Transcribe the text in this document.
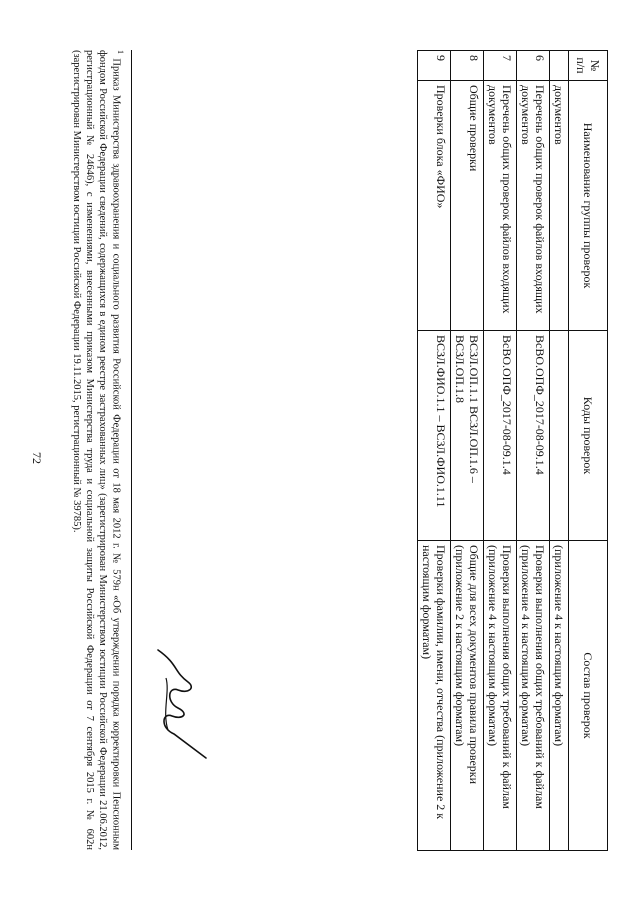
72
№ п/п	Наименование группы проверок	Коды проверок	Состав проверок
	документов		(приложение 4 к настоящим форматам)
6	Перечень общих проверок файлов входящих документов	ВсВО.ОПФ_2017-08-09.1.4	Проверки выполнения общих требований к файлам (приложение 4 к настоящим форматам)
7	Перечень общих проверок файлов входящих документов	ВсВО.ОПФ_2017-08-09.1.4	Проверки выполнения общих требований к файлам (приложение 4 к настоящим форматам)
8	Общие проверки	ВСЗЛ.ОП.1.1 ВСЗЛ.ОП.1.6 – ВСЗЛ.ОП.1.8	Общие для всех документов правила проверки (приложение 2 к настоящим форматам)
9	Проверки блока «ФИО»	ВСЗЛ.ФИО.1.1 – ВСЗЛ.ФИО.1.11	Проверки фамилии, имени, отчества (приложение 2 к настоящим форматам)
$^1$ Приказ Министерства здравоохранения и социального развития Российской Федерации от 18 мая 2012 г. № 579н «Об утверждении порядка корректировки Пенсионным фондом Российской Федерации сведений, содержащихся в едином реестре застрахованных лиц» (зарегистрирован Министерством юстиции Российской Федерации 21.06.2012, регистрационный № 24646), с изменениями, внесенными приказом Министерства труда и социальной защиты Российской Федерации от 7 сентября 2015 г. № 602н (зарегистрирован Министерством юстиции Российской Федерации 19.11.2015, регистрационный № 39785).
